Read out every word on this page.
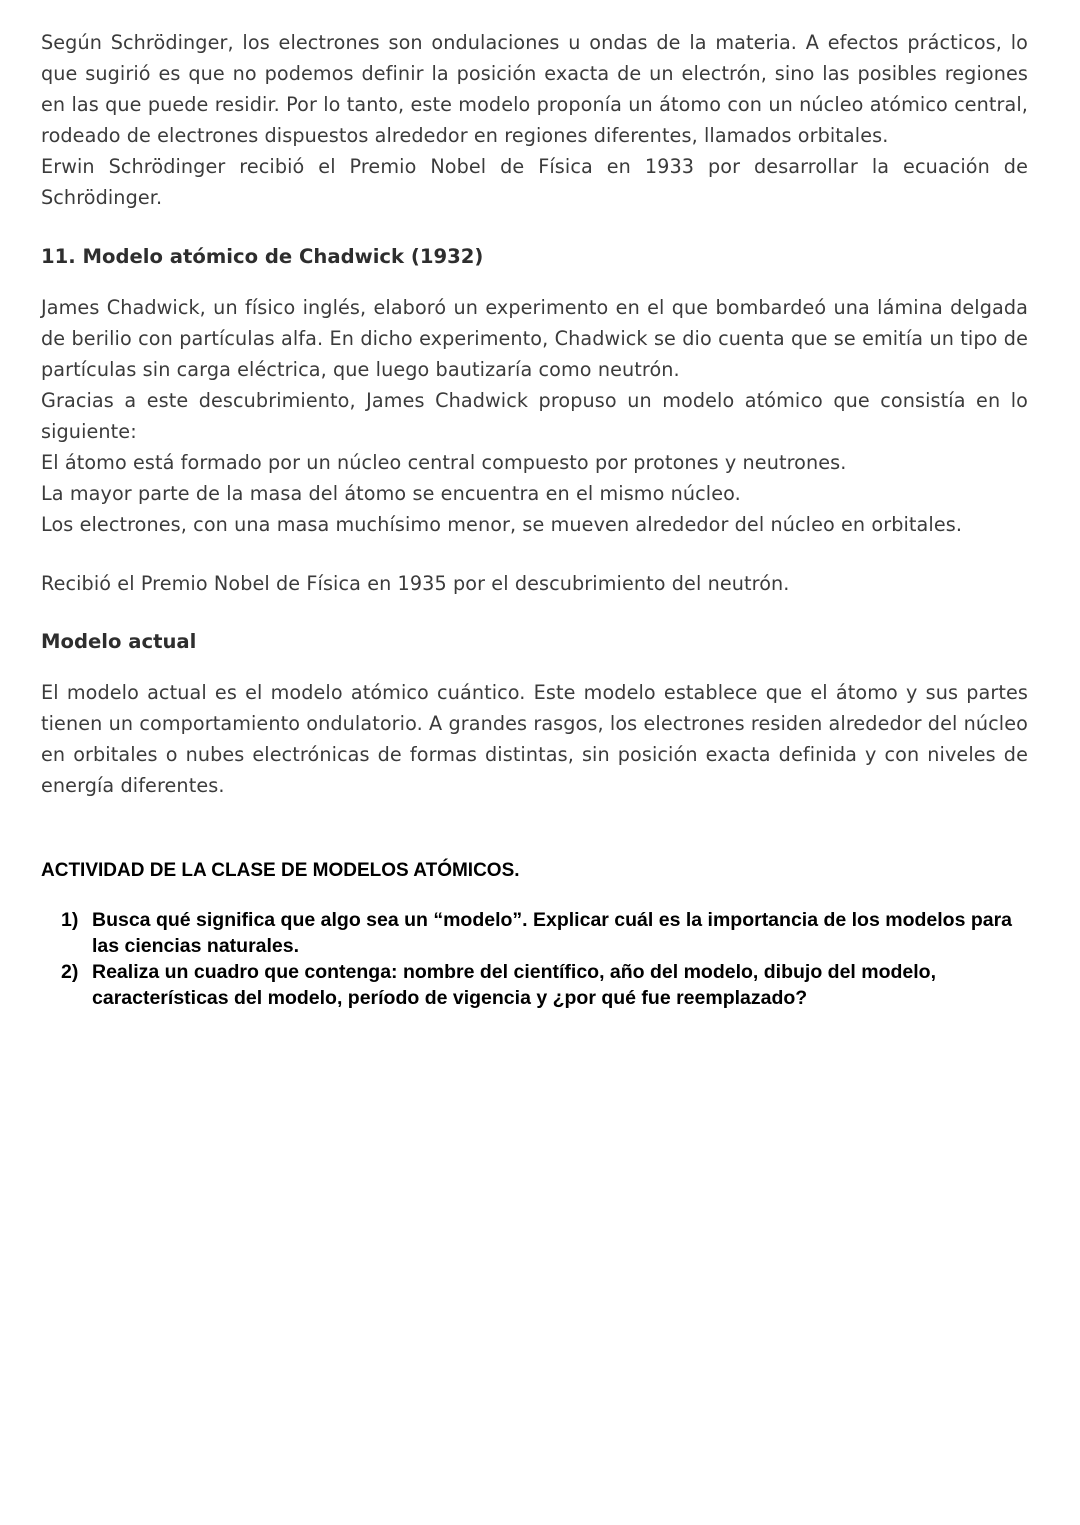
Según Schrödinger, los electrones son ondulaciones u ondas de la materia. A efectos prácticos, lo que sugirió es que no podemos definir la posición exacta de un electrón, sino las posibles regiones en las que puede residir. Por lo tanto, este modelo proponía un átomo con un núcleo atómico central, rodeado de electrones dispuestos alrededor en regiones diferentes, llamados orbitales.

Erwin Schrödinger recibió el Premio Nobel de Física en 1933 por desarrollar la ecuación de Schrödinger.

11. Modelo atómico de Chadwick (1932)

James Chadwick, un físico inglés, elaboró un experimento en el que bombardeó una lámina delgada de berilio con partículas alfa. En dicho experimento, Chadwick se dio cuenta que se emitía un tipo de partículas sin carga eléctrica, que luego bautizaría como neutrón.

Gracias a este descubrimiento, James Chadwick propuso un modelo atómico que consistía en lo siguiente:

El átomo está formado por un núcleo central compuesto por protones y neutrones.

La mayor parte de la masa del átomo se encuentra en el mismo núcleo.

Los electrones, con una masa muchísimo menor, se mueven alrededor del núcleo en orbitales.

Recibió el Premio Nobel de Física en 1935 por el descubrimiento del neutrón.

Modelo actual

El modelo actual es el modelo atómico cuántico. Este modelo establece que el átomo y sus partes tienen un comportamiento ondulatorio. A grandes rasgos, los electrones residen alrededor del núcleo en orbitales o nubes electrónicas de formas distintas, sin posición exacta definida y con niveles de energía diferentes.

ACTIVIDAD DE LA CLASE DE MODELOS ATÓMICOS.
1) Busca qué significa que algo sea un “modelo”. Explicar cuál es la importancia de los modelos para las ciencias naturales.
2) Realiza un cuadro que contenga: nombre del científico, año del modelo, dibujo del modelo, características del modelo, período de vigencia y ¿por qué fue reemplazado?
